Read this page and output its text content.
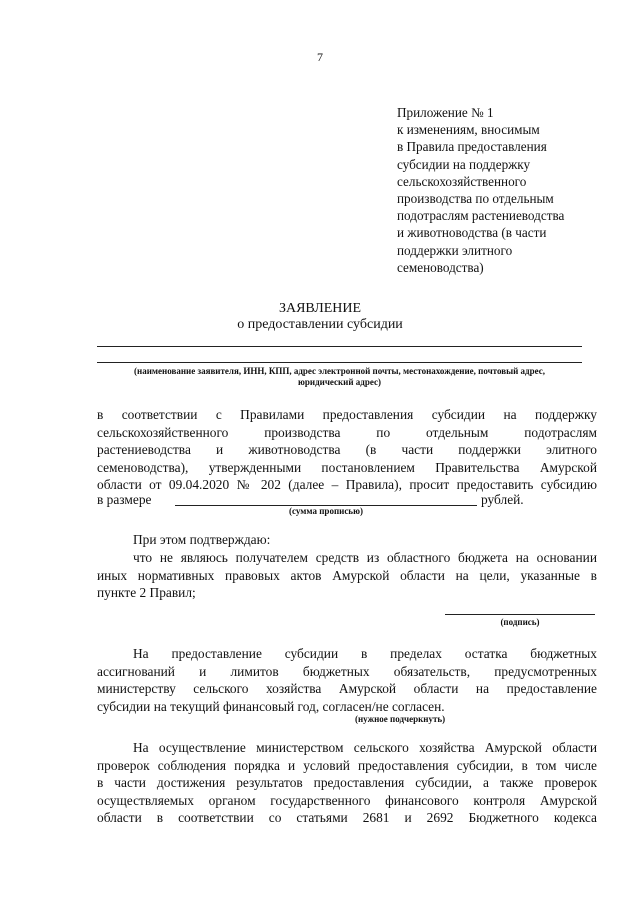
7
Приложение № 1
к изменениям, вносимым
в Правила предоставления
субсидии на поддержку
сельскохозяйственного
производства по отдельным
подотраслям растениеводства
и животноводства (в части
поддержки элитного
семеноводства)
ЗАЯВЛЕНИЕ
о предоставлении субсидии
(наименование заявителя, ИНН, КПП, адрес электронной почты, местонахождение, почтовый адрес,
юридический адрес)
в соответствии с Правилами предоставления субсидии на поддержку
сельскохозяйственного производства по отдельным подотраслям
растениеводства и животноводства (в части поддержки элитного
семеноводства), утвержденными постановлением Правительства Амурской
области от 09.04.2020 № 202 (далее – Правила), просит предоставить субсидию
в размере	рублей.
(сумма прописью)
При этом подтверждаю:
что не являюсь получателем средств из областного бюджета на основании
иных нормативных правовых актов Амурской области на цели, указанные в
пункте 2 Правил;
(подпись)
На предоставление субсидии в пределах остатка бюджетных
ассигнований и лимитов бюджетных обязательств, предусмотренных
министерству сельского хозяйства Амурской области на предоставление
субсидии на текущий финансовый год, согласен/не согласен.
(нужное подчеркнуть)
На осуществление министерством сельского хозяйства Амурской области
проверок соблюдения порядка и условий предоставления субсидии, в том числе
в части достижения результатов предоставления субсидии, а также проверок
осуществляемых органом государственного финансового контроля Амурской
области в соответствии со статьями 2681 и 2692 Бюджетного кодекса
